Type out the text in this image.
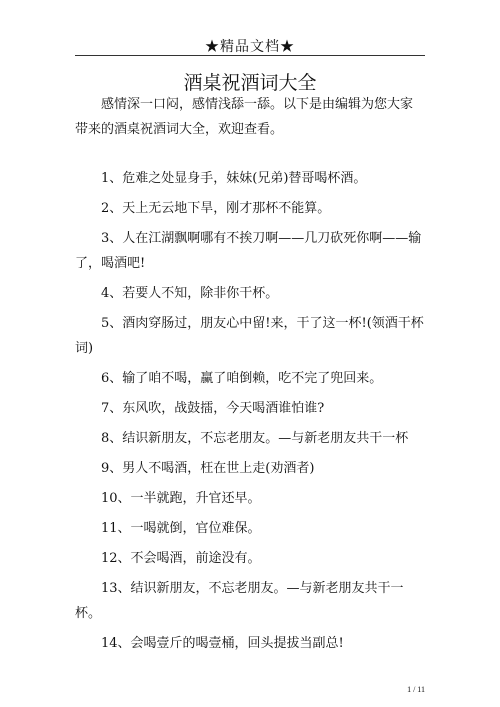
★精品文档★
酒桌祝酒词大全

感情深一口闷，感情浅舔一舔。以下是由编辑为您大家带来的酒桌祝酒词大全，欢迎查看。

1、危难之处显身手，妹妹(兄弟)替哥喝杯酒。
2、天上无云地下旱，刚才那杯不能算。
3、人在江湖飘啊哪有不挨刀啊——几刀砍死你啊——输了，喝酒吧!
4、若要人不知，除非你干杯。
5、酒肉穿肠过，朋友心中留!来，干了这一杯!(领酒干杯词)
6、输了咱不喝，赢了咱倒赖，吃不完了兜回来。
7、东风吹，战鼓擂，今天喝酒谁怕谁?
8、结识新朋友，不忘老朋友。—与新老朋友共干一杯
9、男人不喝酒，枉在世上走(劝酒者)
10、一半就跑，升官还早。
11、一喝就倒，官位难保。
12、不会喝酒，前途没有。
13、结识新朋友，不忘老朋友。—与新老朋友共干一杯。
14、会喝壹斤的喝壹桶，回头提拔当副总!
1 / 11
